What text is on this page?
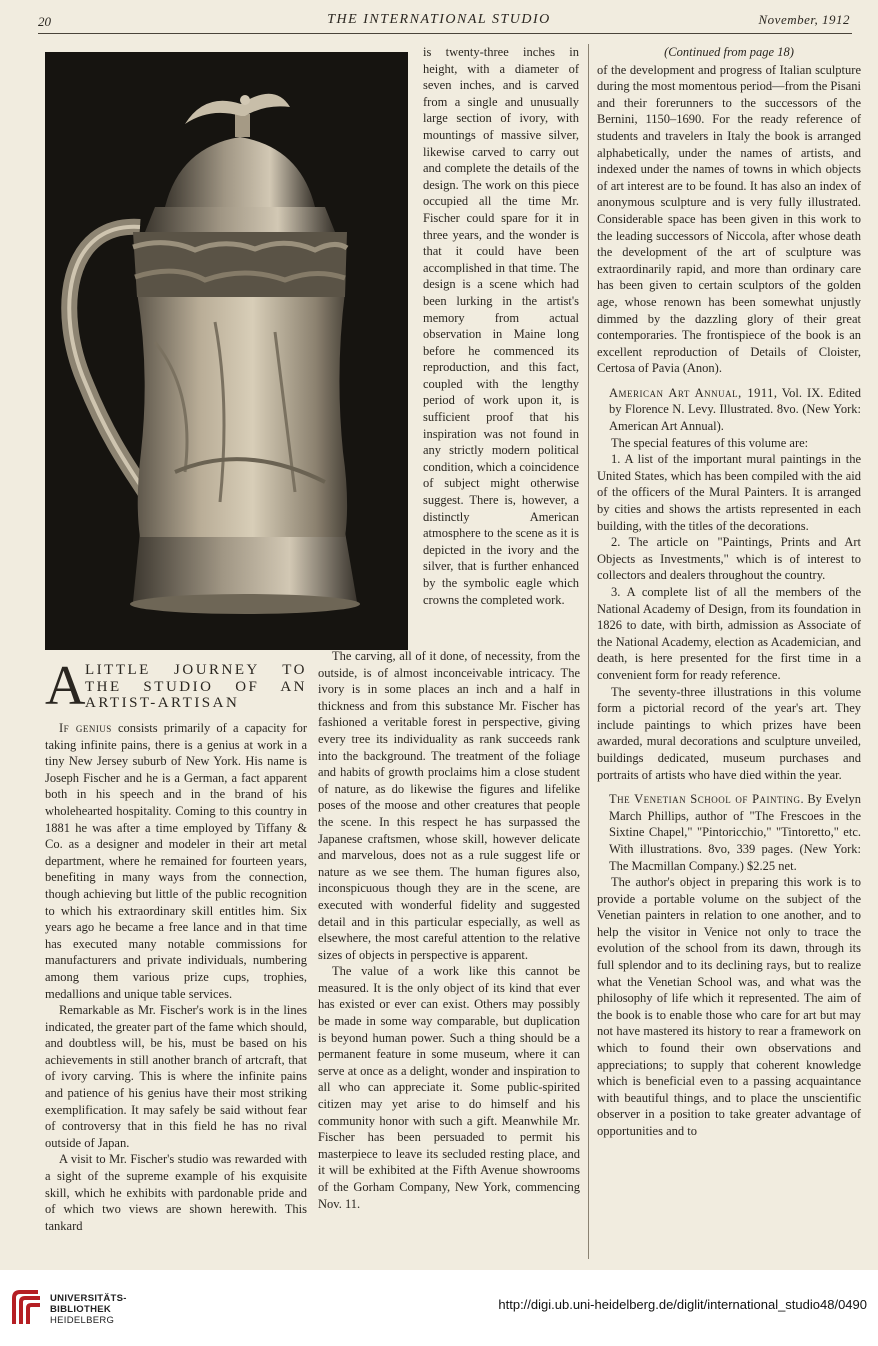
20	THE INTERNATIONAL STUDIO	November, 1912
A LITTLE JOURNEY TO THE STUDIO OF AN ARTIST-ARTISAN

If genius consists primarily of a capacity for taking infinite pains, there is a genius at work in a tiny New Jersey suburb of New York. His name is Joseph Fischer and he is a German, a fact apparent both in his speech and in the brand of his wholehearted hospitality. Coming to this country in 1881 he was after a time employed by Tiffany & Co. as a designer and modeler in their art metal department, where he remained for fourteen years, benefiting in many ways from the connection, though achieving but little of the public recognition to which his extraordinary skill entitles him. Six years ago he became a free lance and in that time has executed many notable commissions for manufacturers and private individuals, numbering among them various prize cups, trophies, medallions and unique table services.

Remarkable as Mr. Fischer's work is in the lines indicated, the greater part of the fame which should, and doubtless will, be his, must be based on his achievements in still another branch of artcraft, that of ivory carving. This is where the infinite pains and patience of his genius have their most striking exemplification. It may safely be said without fear of controversy that in this field he has no rival outside of Japan.

A visit to Mr. Fischer's studio was rewarded with a sight of the supreme example of his exquisite skill, which he exhibits with pardonable pride and of which two views are shown herewith. This tankard

is twenty-three inches in height, with a diameter of seven inches, and is carved from a single and unusually large section of ivory, with mountings of massive silver, likewise carved to carry out and complete the details of the design. The work on this piece occupied all the time Mr. Fischer could spare for it in three years, and the wonder is that it could have been accomplished in that time. The design is a scene which had been lurking in the artist's memory from actual observation in Maine long before he commenced its reproduction, and this fact, coupled with the lengthy period of work upon it, is sufficient proof that his inspiration was not found in any strictly modern political condition, which a coincidence of subject might otherwise suggest. There is, however, a distinctly American atmosphere to the scene as it is depicted in the ivory and the silver, that is further enhanced by the symbolic eagle which crowns the completed work.

The carving, all of it done, of necessity, from the outside, is of almost inconceivable intricacy. The ivory is in some places an inch and a half in thickness and from this substance Mr. Fischer has fashioned a veritable forest in perspective, giving every tree its individuality as rank succeeds rank into the background. The treatment of the foliage and habits of growth proclaims him a close student of nature, as do likewise the figures and lifelike poses of the moose and other creatures that people the scene. In this respect he has surpassed the Japanese craftsmen, whose skill, however delicate and marvelous, does not as a rule suggest life or nature as we see them. The human figures also, inconspicuous though they are in the scene, are executed with wonderful fidelity and suggested detail and in this particular especially, as well as elsewhere, the most careful attention to the relative sizes of objects in perspective is apparent.

The value of a work like this cannot be measured. It is the only object of its kind that ever has existed or ever can exist. Others may possibly be made in some way comparable, but duplication is beyond human power. Such a thing should be a permanent feature in some museum, where it can serve at once as a delight, wonder and inspiration to all who can appreciate it. Some public-spirited citizen may yet arise to do himself and his community honor with such a gift. Meanwhile Mr. Fischer has been persuaded to permit his masterpiece to leave its secluded resting place, and it will be exhibited at the Fifth Avenue showrooms of the Gorham Company, New York, commencing Nov. 11.

(Continued from page 18)

of the development and progress of Italian sculpture during the most momentous period—from the Pisani and their forerunners to the successors of the Bernini, 1150–1690. For the ready reference of students and travelers in Italy the book is arranged alphabetically, under the names of artists, and indexed under the names of towns in which objects of art interest are to be found. It has also an index of anonymous sculpture and is very fully illustrated. Considerable space has been given in this work to the leading successors of Niccola, after whose death the development of the art of sculpture was extraordinarily rapid, and more than ordinary care has been given to certain sculptors of the golden age, whose renown has been somewhat unjustly dimmed by the dazzling glory of their great contemporaries. The frontispiece of the book is an excellent reproduction of Details of Cloister, Certosa of Pavia (Anon).

American Art Annual, 1911, Vol. IX. Edited by Florence N. Levy. Illustrated. 8vo. (New York: American Art Annual).

The special features of this volume are:

1. A list of the important mural paintings in the United States, which has been compiled with the aid of the officers of the Mural Painters. It is arranged by cities and shows the artists represented in each building, with the titles of the decorations.

2. The article on "Paintings, Prints and Art Objects as Investments," which is of interest to collectors and dealers throughout the country.

3. A complete list of all the members of the National Academy of Design, from its foundation in 1826 to date, with birth, admission as Associate of the National Academy, election as Academician, and death, is here presented for the first time in a convenient form for ready reference.

The seventy-three illustrations in this volume form a pictorial record of the year's art. They include paintings to which prizes have been awarded, mural decorations and sculpture unveiled, buildings dedicated, museum purchases and portraits of artists who have died within the year.

The Venetian School of Painting. By Evelyn March Phillips, author of "The Frescoes in the Sixtine Chapel," "Pintoricchio," "Tintoretto," etc. With illustrations. 8vo, 339 pages. (New York: The Macmillan Company.) $2.25 net.

The author's object in preparing this work is to provide a portable volume on the subject of the Venetian painters in relation to one another, and to help the visitor in Venice not only to trace the evolution of the school from its dawn, through its full splendor and to its declining rays, but to realize what the Venetian School was, and what was the philosophy of life which it represented. The aim of the book is to enable those who care for art but may not have mastered its history to rear a framework on which to found their own observations and appreciations; to supply that coherent knowledge which is beneficial even to a passing acquaintance with beautiful things, and to place the unscientific observer in a position to take greater advantage of opportunities and to

UNIVERSITÄTS-
BIBLIOTHEK
HEIDELBERG
http://digi.ub.uni-heidelberg.de/diglit/international_studio48/0490
